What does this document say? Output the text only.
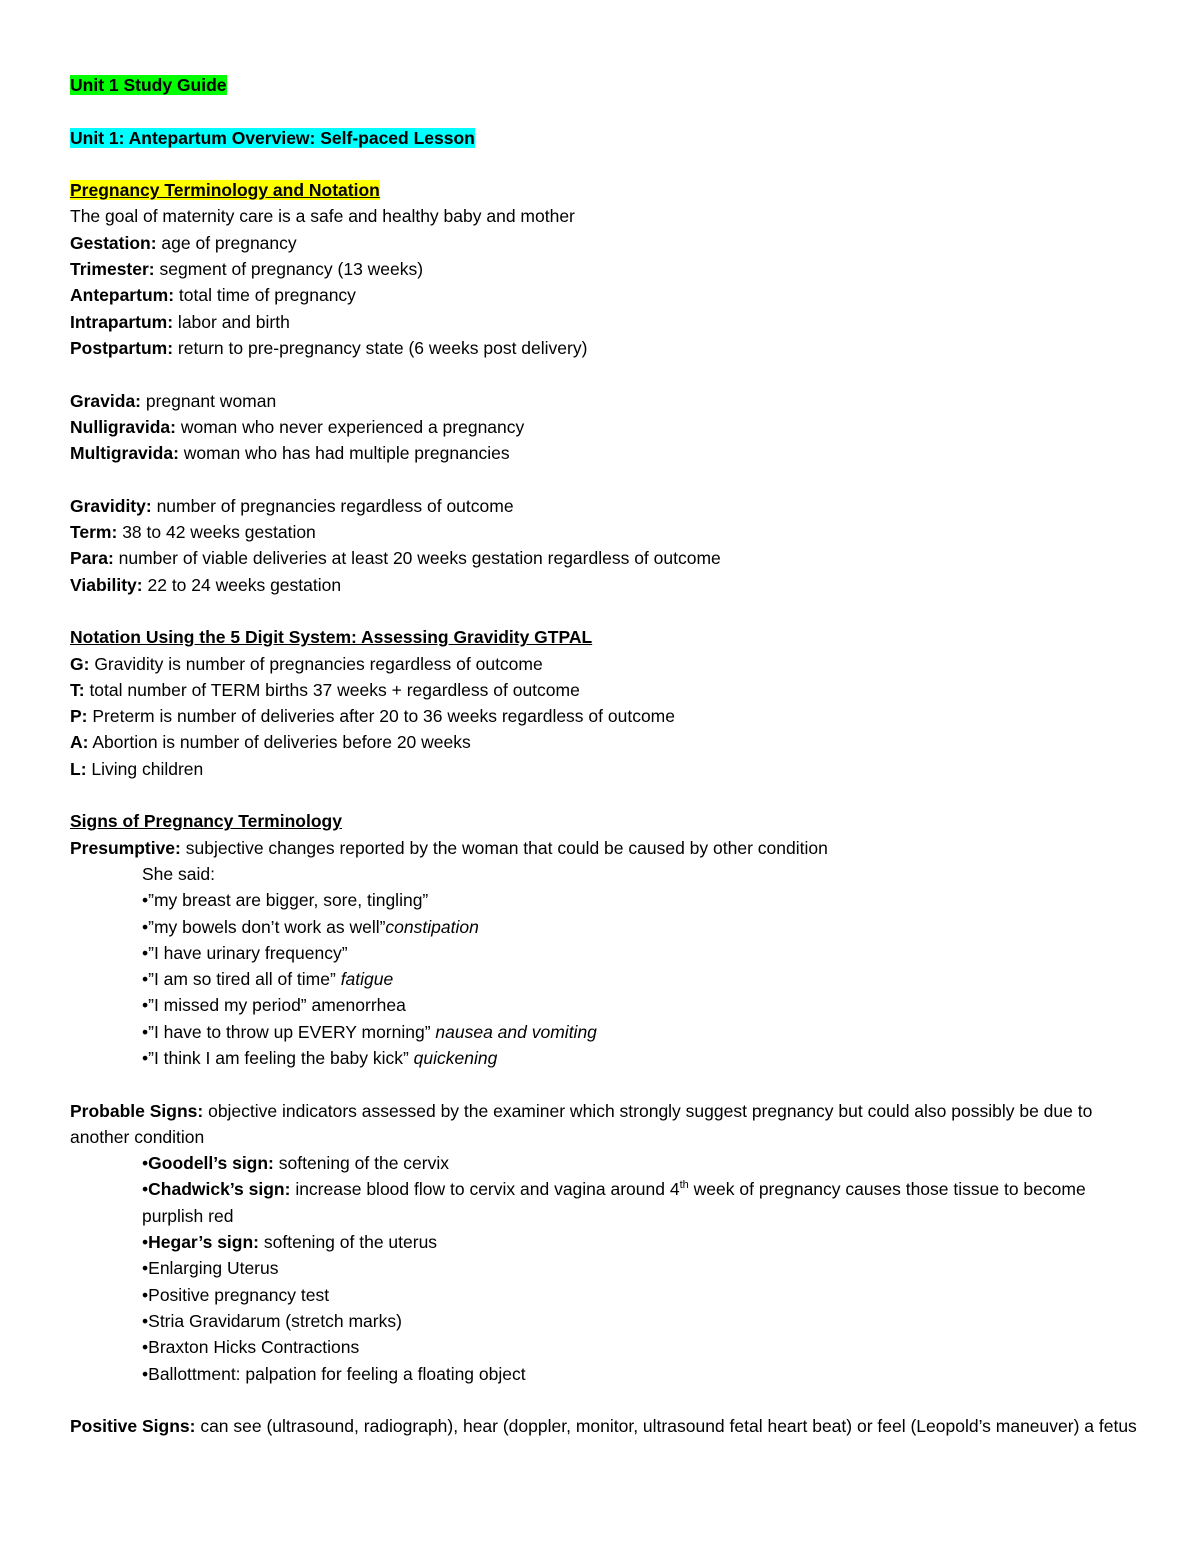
Unit 1 Study Guide

Unit 1: Antepartum Overview: Self-paced Lesson

Pregnancy Terminology and Notation

The goal of maternity care is a safe and healthy baby and mother

Gestation: age of pregnancy

Trimester: segment of pregnancy (13 weeks)

Antepartum: total time of pregnancy

Intrapartum: labor and birth

Postpartum: return to pre-pregnancy state (6 weeks post delivery)

Gravida: pregnant woman

Nulligravida: woman who never experienced a pregnancy

Multigravida: woman who has had multiple pregnancies

Gravidity: number of pregnancies regardless of outcome

Term: 38 to 42 weeks gestation

Para: number of viable deliveries at least 20 weeks gestation regardless of outcome

Viability: 22 to 24 weeks gestation

Notation Using the 5 Digit System: Assessing Gravidity GTPAL

G: Gravidity is number of pregnancies regardless of outcome

T: total number of TERM births 37 weeks + regardless of outcome

P: Preterm is number of deliveries after 20 to 36 weeks regardless of outcome

A: Abortion is number of deliveries before 20 weeks

L: Living children

Signs of Pregnancy Terminology

Presumptive: subjective changes reported by the woman that could be caused by other condition

She said:

•”my breast are bigger, sore, tingling”

•”my bowels don’t work as well”constipation

•”I have urinary frequency”

•”I am so tired all of time” fatigue

•”I missed my period” amenorrhea

•”I have to throw up EVERY morning” nausea and vomiting

•”I think I am feeling the baby kick” quickening

Probable Signs: objective indicators assessed by the examiner which strongly suggest pregnancy but could also possibly be due to another condition

•Goodell’s sign: softening of the cervix

•Chadwick’s sign: increase blood flow to cervix and vagina around 4th week of pregnancy causes those tissue to become purplish red

•Hegar’s sign: softening of the uterus

•Enlarging Uterus

•Positive pregnancy test

•Stria Gravidarum (stretch marks)

•Braxton Hicks Contractions

•Ballottment: palpation for feeling a floating object

Positive Signs: can see (ultrasound, radiograph), hear (doppler, monitor, ultrasound fetal heart beat) or feel (Leopold’s maneuver) a fetus
